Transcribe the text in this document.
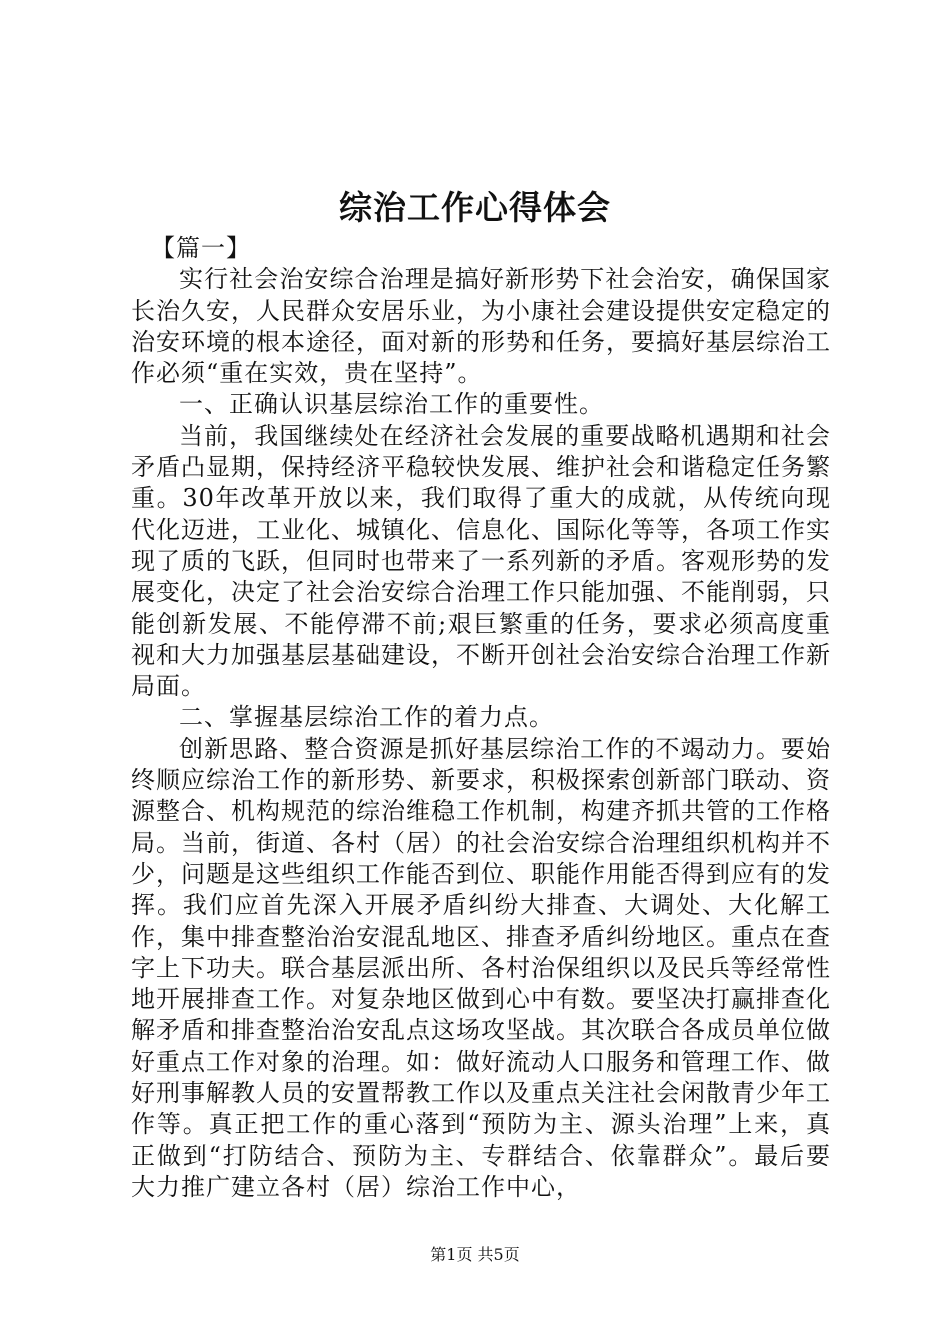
综治工作心得体会

【篇一】

实行社会治安综合治理是搞好新形势下社会治安，确保国家长治久安，人民群众安居乐业，为小康社会建设提供安定稳定的治安环境的根本途径，面对新的形势和任务，要搞好基层综治工作必须“重在实效，贵在坚持”。

一、正确认识基层综治工作的重要性。

当前，我国继续处在经济社会发展的重要战略机遇期和社会矛盾凸显期，保持经济平稳较快发展、维护社会和谐稳定任务繁重。30年改革开放以来，我们取得了重大的成就，从传统向现代化迈进，工业化、城镇化、信息化、国际化等等，各项工作实现了质的飞跃，但同时也带来了一系列新的矛盾。客观形势的发展变化，决定了社会治安综合治理工作只能加强、不能削弱，只能创新发展、不能停滞不前;艰巨繁重的任务，要求必须高度重视和大力加强基层基础建设，不断开创社会治安综合治理工作新局面。

二、掌握基层综治工作的着力点。

创新思路、整合资源是抓好基层综治工作的不竭动力。要始终顺应综治工作的新形势、新要求，积极探索创新部门联动、资源整合、机构规范的综治维稳工作机制，构建齐抓共管的工作格局。当前，街道、各村（居）的社会治安综合治理组织机构并不少，问题是这些组织工作能否到位、职能作用能否得到应有的发挥。我们应首先深入开展矛盾纠纷大排查、大调处、大化解工作，集中排查整治治安混乱地区、排查矛盾纠纷地区。重点在查字上下功夫。联合基层派出所、各村治保组织以及民兵等经常性地开展排查工作。对复杂地区做到心中有数。要坚决打赢排查化解矛盾和排查整治治安乱点这场攻坚战。其次联合各成员单位做好重点工作对象的治理。如：做好流动人口服务和管理工作、做好刑事解教人员的安置帮教工作以及重点关注社会闲散青少年工作等。真正把工作的重心落到“预防为主、源头治理”上来，真正做到“打防结合、预防为主、专群结合、依靠群众”。最后要大力推广建立各村（居）综治工作中心，

第1页 共5页
